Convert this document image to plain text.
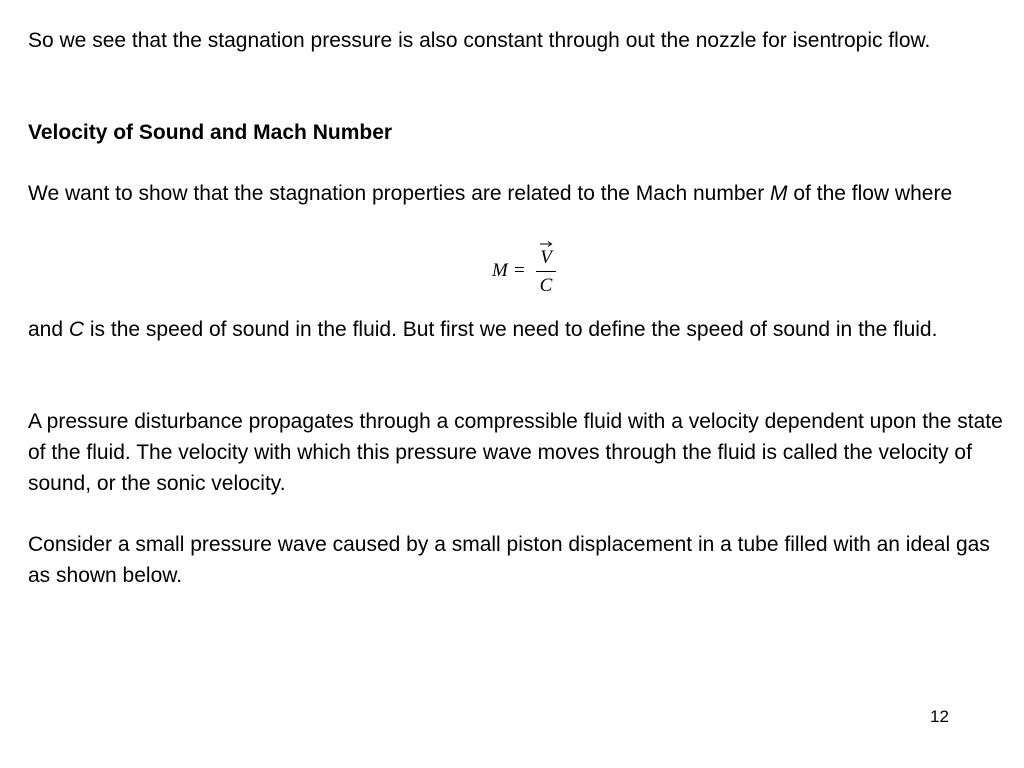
So we see that the stagnation pressure is also constant through out the nozzle for isentropic flow.

Velocity of Sound and Mach Number

We want to show that the stagnation properties are related to the Mach number M of the flow where

M =
V
C

and C is the speed of sound in the fluid. But first we need to define the speed of sound in the fluid.

A pressure disturbance propagates through a compressible fluid with a velocity dependent upon the state of the fluid. The velocity with which this pressure wave moves through the fluid is called the velocity of sound, or the sonic velocity.

Consider a small pressure wave caused by a small piston displacement in a tube filled with an ideal gas as shown below.

12
